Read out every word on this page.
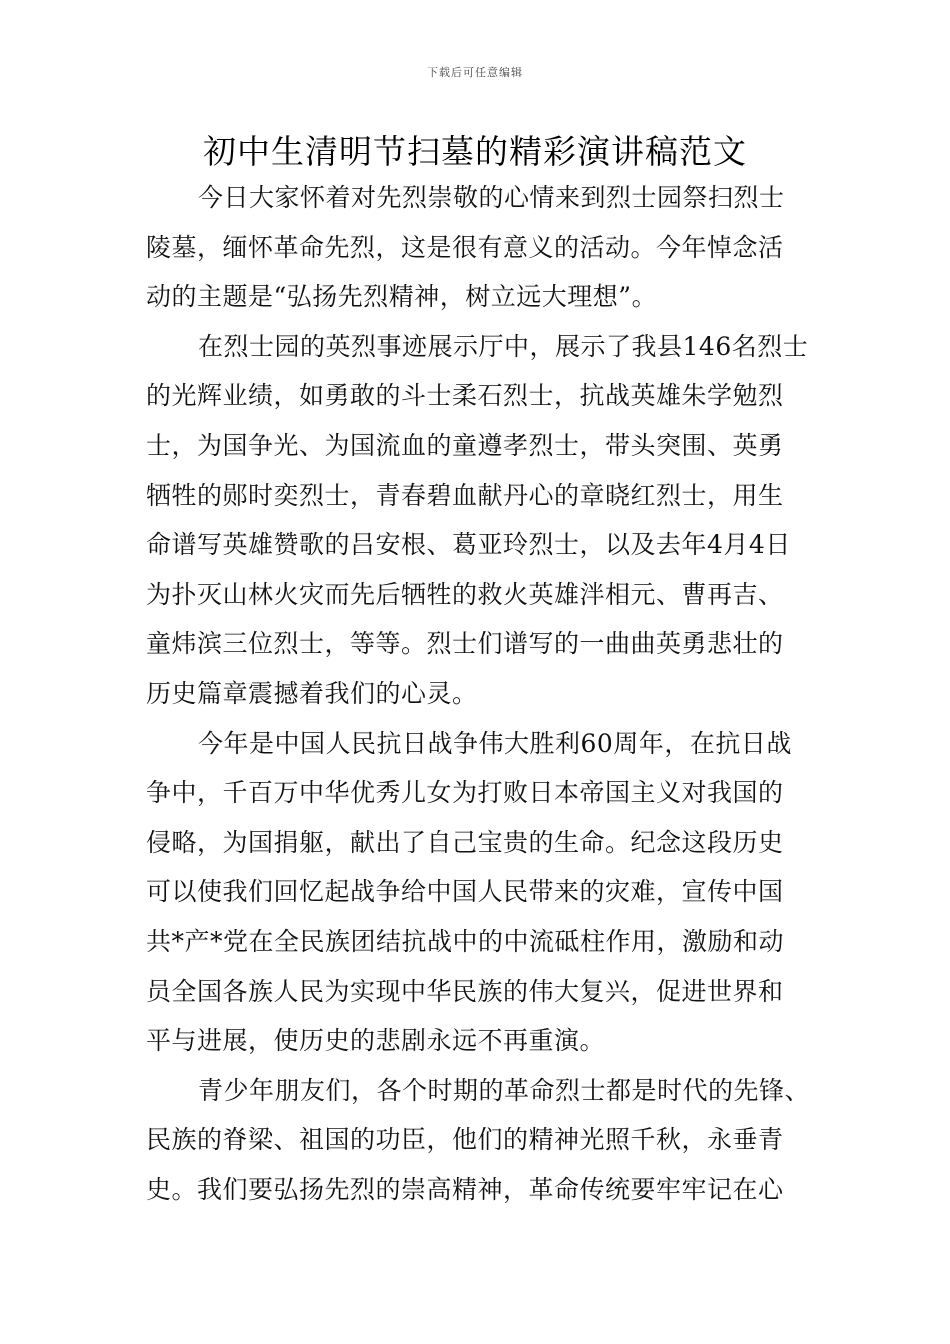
下载后可任意编辑
初中生清明节扫墓的精彩演讲稿范文

今日大家怀着对先烈崇敬的心情来到烈士园祭扫烈士
陵墓，缅怀革命先烈，这是很有意义的活动。今年悼念活
动的主题是“弘扬先烈精神，树立远大理想”。

在烈士园的英烈事迹展示厅中，展示了我县146名烈士
的光辉业绩，如勇敢的斗士柔石烈士，抗战英雄朱学勉烈
士，为国争光、为国流血的童遵孝烈士，带头突围、英勇
牺牲的郧时奕烈士，青春碧血献丹心的章晓红烈士，用生
命谱写英雄赞歌的吕安根、葛亚玲烈士，以及去年4月4日
为扑灭山林火灾而先后牺牲的救火英雄泮相元、曹再吉、
童炜滨三位烈士，等等。烈士们谱写的一曲曲英勇悲壮的
历史篇章震撼着我们的心灵。

今年是中国人民抗日战争伟大胜利60周年，在抗日战
争中，千百万中华优秀儿女为打败日本帝国主义对我国的
侵略，为国捐躯，献出了自己宝贵的生命。纪念这段历史
可以使我们回忆起战争给中国人民带来的灾难，宣传中国
共*产*党在全民族团结抗战中的中流砥柱作用，激励和动
员全国各族人民为实现中华民族的伟大复兴，促进世界和
平与进展，使历史的悲剧永远不再重演。

青少年朋友们，各个时期的革命烈士都是时代的先锋、
民族的脊梁、祖国的功臣，他们的精神光照千秋，永垂青
史。我们要弘扬先烈的崇高精神，革命传统要牢牢记在心
